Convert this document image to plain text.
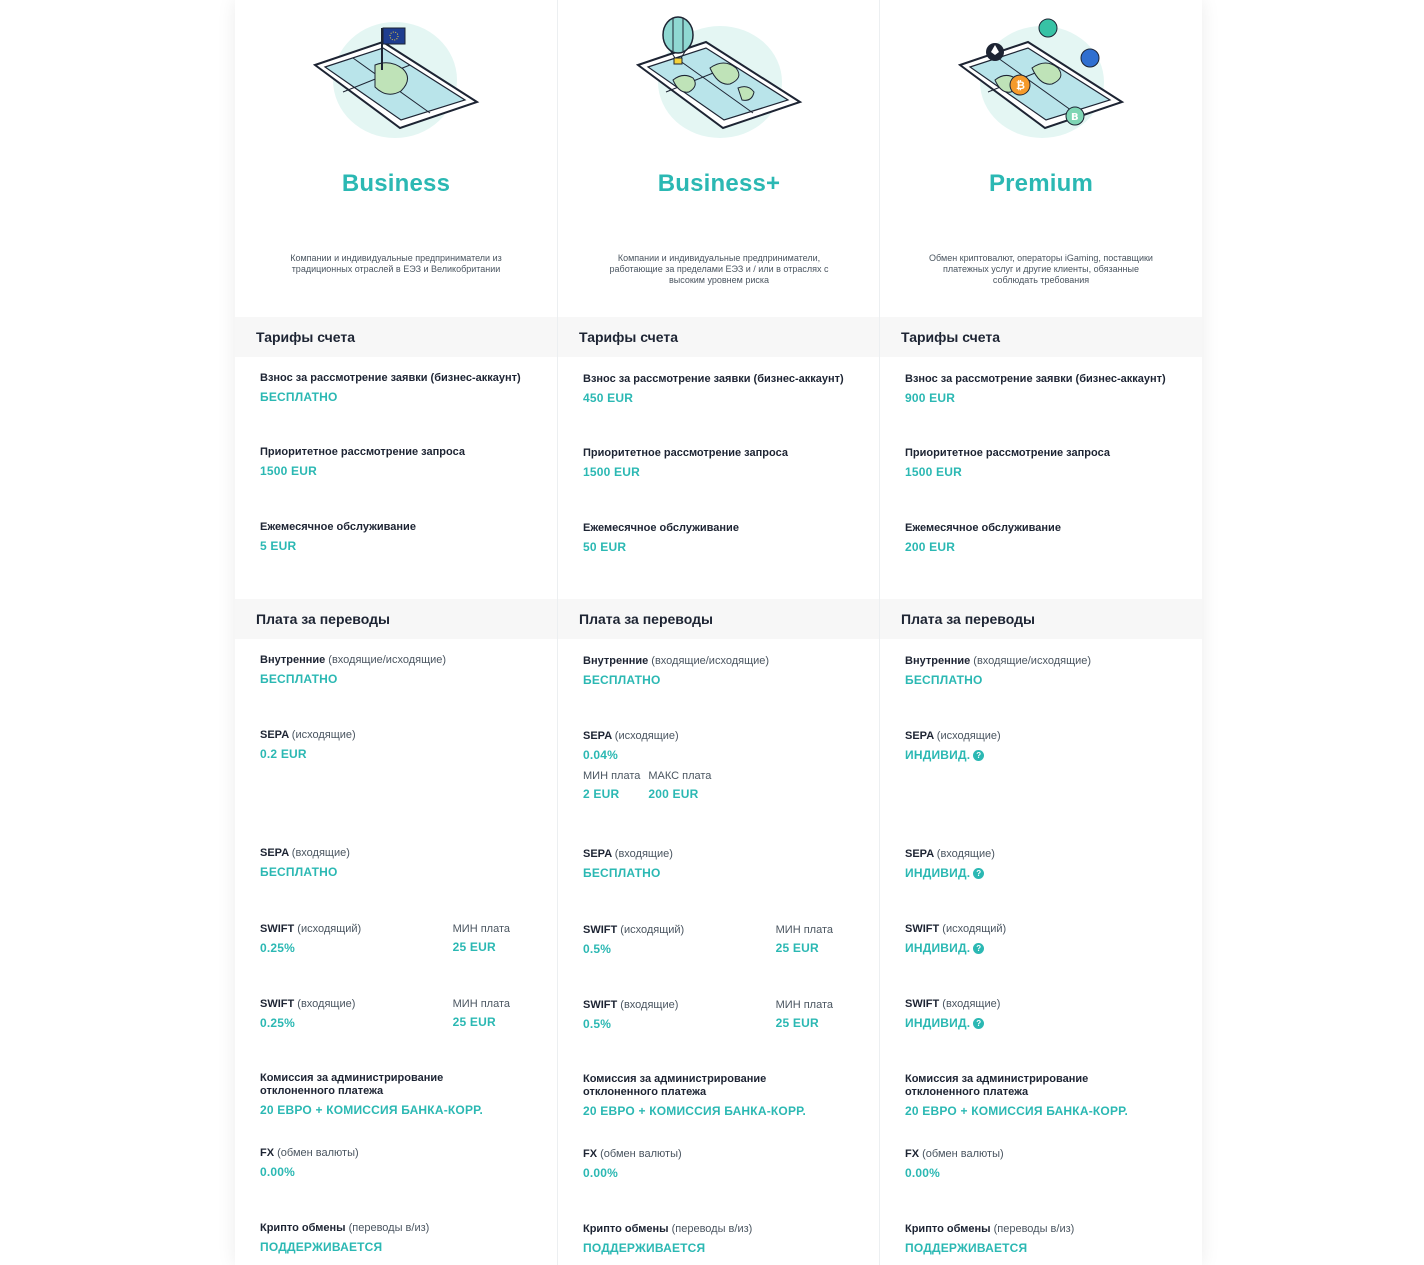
Business
Компании и индивидуальные предприниматели из традиционных отраслей в ЕЭЗ и Великобритании
Тарифы счета
Взнос за рассмотрение заявки (бизнес-аккаунт)
БЕСПЛАТНО
Приоритетное рассмотрение запроса
1500 EUR
Ежемесячное обслуживание
5 EUR
Плата за переводы
Внутренние (входящие/исходящие)
БЕСПЛАТНО
SEPA (исходящие)
0.2 EUR
SEPA (входящие)
БЕСПЛАТНО
SWIFT (исходящий)
0.25%
МИН плата
25 EUR
SWIFT (входящие)
0.25%
МИН плата
25 EUR
Комиссия за администрирование отклоненного платежа
20 ЕВРО + КОМИССИЯ БАНКА-КОРР.
FX (обмен валюты)
0.00%
Крипто обмены (переводы в/из)
ПОДДЕРЖИВАЕТСЯ
Business+
Компании и индивидуальные предприниматели, работающие за пределами ЕЭЗ и / или в отраслях с высоким уровнем риска
Тарифы счета
Взнос за рассмотрение заявки (бизнес-аккаунт)
450 EUR
Приоритетное рассмотрение запроса
1500 EUR
Ежемесячное обслуживание
50 EUR
Плата за переводы
Внутренние (входящие/исходящие)
БЕСПЛАТНО
SEPA (исходящие)
0.04%
МИН плата
2 EUR
МАКС плата
200 EUR
SEPA (входящие)
БЕСПЛАТНО
SWIFT (исходящий)
0.5%
МИН плата
25 EUR
SWIFT (входящие)
0.5%
МИН плата
25 EUR
Комиссия за администрирование отклоненного платежа
20 ЕВРО + КОМИССИЯ БАНКА-КОРР.
FX (обмен валюты)
0.00%
Крипто обмены (переводы в/из)
ПОДДЕРЖИВАЕТСЯ
₿
B
Premium
Обмен криптовалют, операторы iGaming, поставщики платежных услуг и другие клиенты, обязанные соблюдать требования
Тарифы счета
Взнос за рассмотрение заявки (бизнес-аккаунт)
900 EUR
Приоритетное рассмотрение запроса
1500 EUR
Ежемесячное обслуживание
200 EUR
Плата за переводы
Внутренние (входящие/исходящие)
БЕСПЛАТНО
SEPA (исходящие)
ИНДИВИД. ?
SEPA (входящие)
ИНДИВИД. ?
SWIFT (исходящий)
ИНДИВИД. ?
SWIFT (входящие)
ИНДИВИД. ?
Комиссия за администрирование отклоненного платежа
20 ЕВРО + КОМИССИЯ БАНКА-КОРР.
FX (обмен валюты)
0.00%
Крипто обмены (переводы в/из)
ПОДДЕРЖИВАЕТСЯ
